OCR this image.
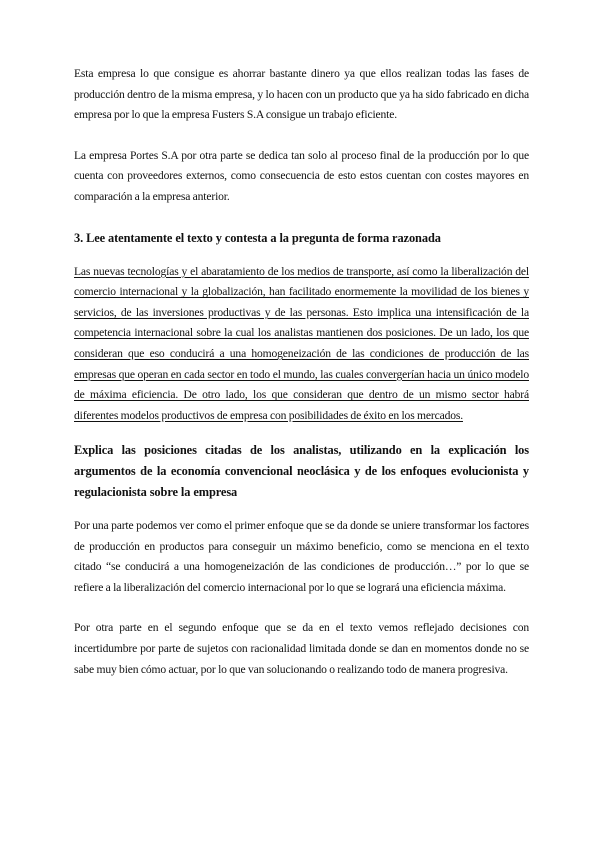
Esta empresa lo que consigue es ahorrar bastante dinero ya que ellos realizan todas las fases de producción dentro de la misma empresa, y lo hacen con un producto que ya ha sido fabricado en dicha empresa por lo que la empresa Fusters S.A consigue un trabajo eficiente.

La empresa Portes S.A por otra parte se dedica tan solo al proceso final de la producción por lo que cuenta con proveedores externos, como consecuencia de esto estos cuentan con costes mayores en comparación a la empresa anterior.

3. Lee atentamente el texto y contesta a la pregunta de forma razonada

Las nuevas tecnologías y el abaratamiento de los medios de transporte, así como la liberalización del comercio internacional y la globalización, han facilitado enormemente la movilidad de los bienes y servicios, de las inversiones productivas y de las personas. Esto implica una intensificación de la competencia internacional sobre la cual los analistas mantienen dos posiciones. De un lado, los que consideran que eso conducirá a una homogeneización de las condiciones de producción de las empresas que operan en cada sector en todo el mundo, las cuales convergerían hacia un único modelo de máxima eficiencia. De otro lado, los que consideran que dentro de un mismo sector habrá diferentes modelos productivos de empresa con posibilidades de éxito en los mercados.

Explica las posiciones citadas de los analistas, utilizando en la explicación los argumentos de la economía convencional neoclásica y de los enfoques evolucionista y regulacionista sobre la empresa

Por una parte podemos ver como el primer enfoque que se da donde se uniere transformar los factores de producción en productos para conseguir un máximo beneficio, como se menciona en el texto citado “se conducirá a una homogeneización de las condiciones de producción…” por lo que se refiere a la liberalización del comercio internacional por lo que se logrará una eficiencia máxima.

Por otra parte en el segundo enfoque que se da en el texto vemos reflejado decisiones con incertidumbre por parte de sujetos con racionalidad limitada donde se dan en momentos donde no se sabe muy bien cómo actuar, por lo que van solucionando o realizando todo de manera progresiva.
